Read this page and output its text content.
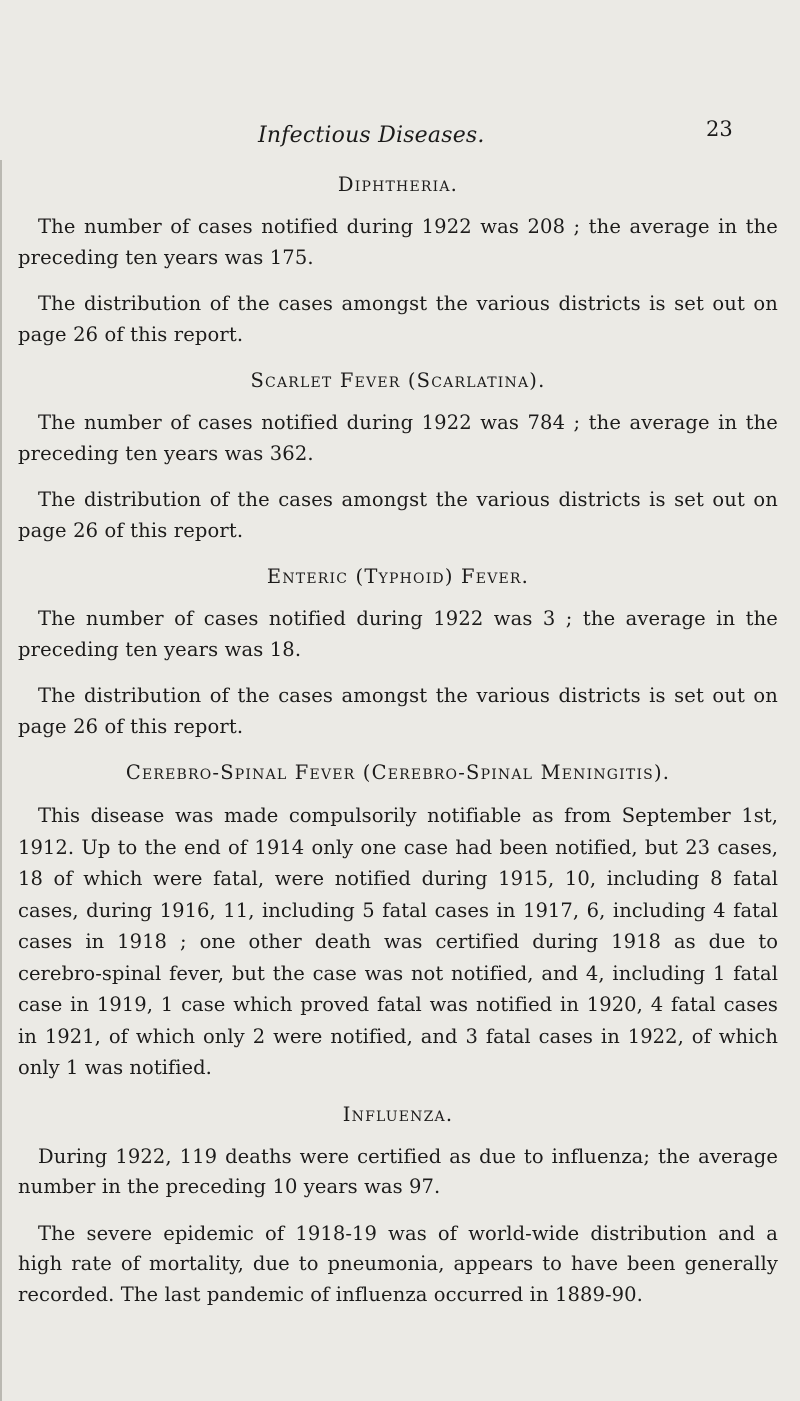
Infectious Diseases.	23
Diphtheria.

The number of cases notified during 1922 was 208 ; the average in the preceding ten years was 175.

The distribution of the cases amongst the various districts is set out on page 26 of this report.

Scarlet Fever (Scarlatina).

The number of cases notified during 1922 was 784 ; the average in the preceding ten years was 362.

The distribution of the cases amongst the various districts is set out on page 26 of this report.

Enteric (Typhoid) Fever.

The number of cases notified during 1922 was 3 ; the average in the preceding ten years was 18.

The distribution of the cases amongst the various districts is set out on page 26 of this report.

Cerebro-Spinal Fever (Cerebro-Spinal Meningitis).

This disease was made compulsorily notifiable as from September 1st, 1912. Up to the end of 1914 only one case had been notified, but 23 cases, 18 of which were fatal, were notified during 1915, 10, including 8 fatal cases, during 1916, 11, including 5 fatal cases in 1917, 6, including 4 fatal cases in 1918 ; one other death was certified during 1918 as due to cerebro-spinal fever, but the case was not notified, and 4, including 1 fatal case in 1919, 1 case which proved fatal was notified in 1920, 4 fatal cases in 1921, of which only 2 were notified, and 3 fatal cases in 1922, of which only 1 was notified.

Influenza.

During 1922, 119 deaths were certified as due to influenza; the average number in the preceding 10 years was 97.

The severe epidemic of 1918-19 was of world-wide distribution and a high rate of mortality, due to pneumonia, appears to have been generally recorded. The last pandemic of influenza occurred in 1889-90.
